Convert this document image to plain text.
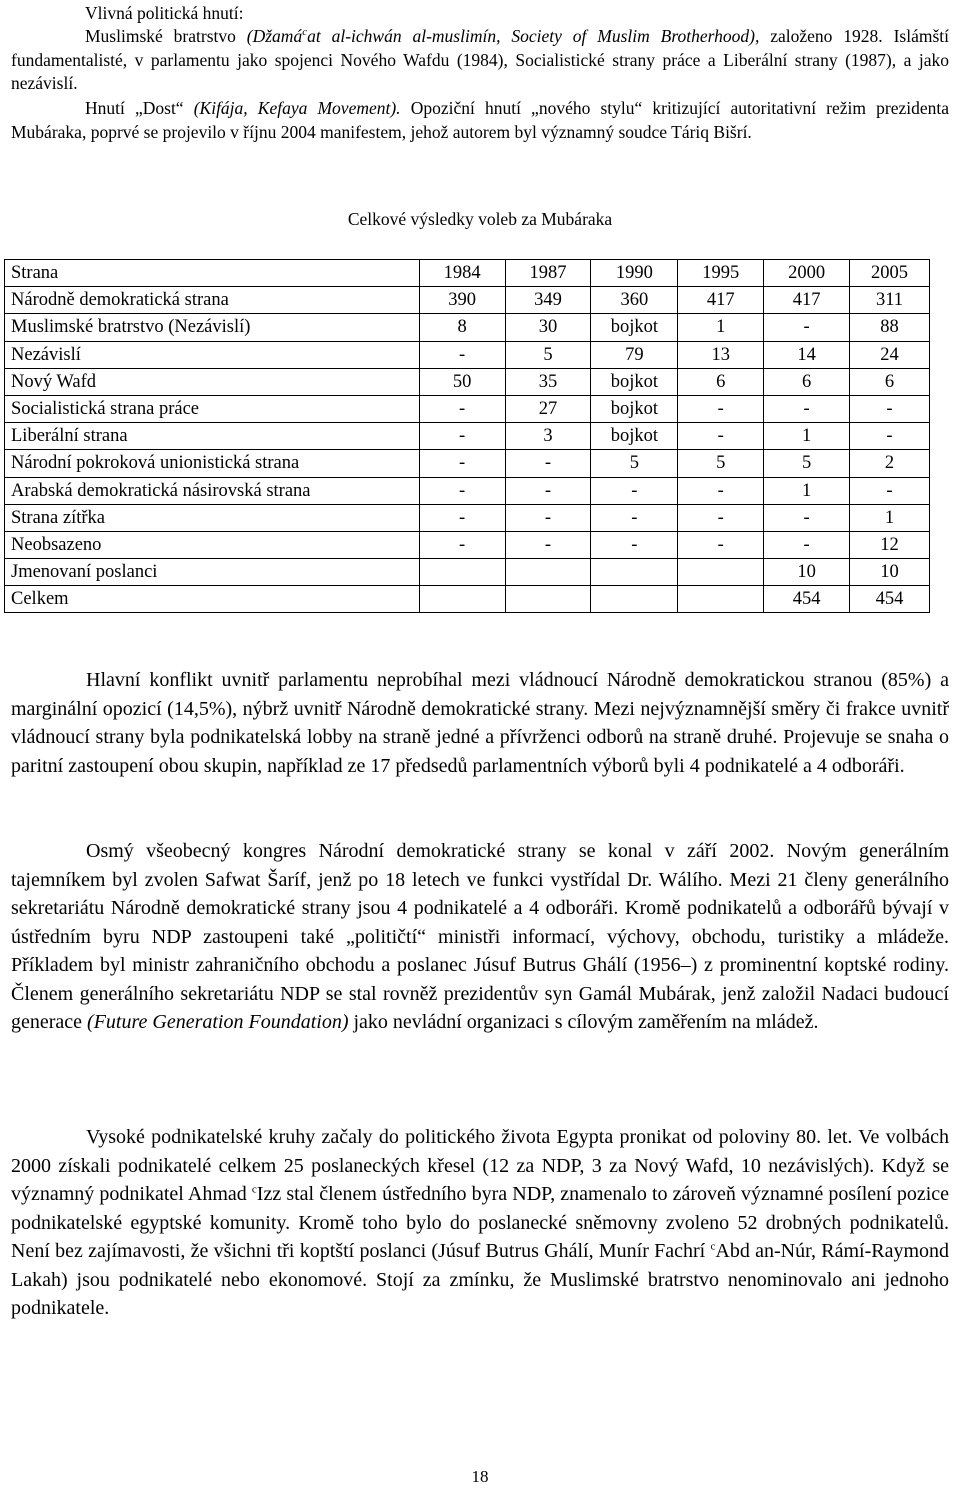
Vlivná politická hnutí:

Muslimské bratrstvo (Džamá$^c$at al-ichwán al-muslimín, Society of Muslim Brotherhood), založeno 1928. Islámští fundamentalisté, v parlamentu jako spojenci Nového Wafdu (1984), Socialistické strany práce a Liberální strany (1987), a jako nezávislí.

Hnutí „Dost“ (Kifája, Kefaya Movement). Opoziční hnutí „nového stylu“ kritizující autoritativní režim prezidenta Mubáraka, poprvé se projevilo v říjnu 2004 manifestem, jehož autorem byl významný soudce Táriq Bišrí.

Celkové výsledky voleb za Mubáraka

Strana	1984	1987	1990	1995	2000	2005
Národně demokratická strana	390	349	360	417	417	311
Muslimské bratrstvo (Nezávislí)	8	30	bojkot	1	-	88
Nezávislí	-	5	79	13	14	24
Nový Wafd	50	35	bojkot	6	6	6
Socialistická strana práce	-	27	bojkot	-	-	-
Liberální strana	-	3	bojkot	-	1	-
Národní pokroková unionistická strana	-	-	5	5	5	2
Arabská demokratická násirovská strana	-	-	-	-	1	-
Strana zítřka	-	-	-	-	-	1
Neobsazeno	-	-	-	-	-	12
Jmenovaní poslanci					10	10
Celkem					454	454

Hlavní konflikt uvnitř parlamentu neprobíhal mezi vládnoucí Národně demokratickou stranou (85%) a marginální opozicí (14,5%), nýbrž uvnitř Národně demokratické strany. Mezi nejvýznamnější směry či frakce uvnitř vládnoucí strany byla podnikatelská lobby na straně jedné a přívrženci odborů na straně druhé. Projevuje se snaha o paritní zastoupení obou skupin, například ze 17 předsedů parlamentních výborů byli 4 podnikatelé a 4 odboráři.

Osmý všeobecný kongres Národní demokratické strany se konal v září 2002. Novým generálním tajemníkem byl zvolen Safwat Šaríf, jenž po 18 letech ve funkci vystřídal Dr. Wálího. Mezi 21 členy generálního sekretariátu Národně demokratické strany jsou 4 podnikatelé a 4 odboráři. Kromě podnikatelů a odborářů bývají v ústředním byru NDP zastoupeni také „političtí“ ministři informací, výchovy, obchodu, turistiky a mládeže. Příkladem byl ministr zahraničního obchodu a poslanec Júsuf Butrus Ghálí (1956–) z prominentní koptské rodiny. Členem generálního sekretariátu NDP se stal rovněž prezidentův syn Gamál Mubárak, jenž založil Nadaci budoucí generace (Future Generation Foundation) jako nevládní organizaci s cílovým zaměřením na mládež.

Vysoké podnikatelské kruhy začaly do politického života Egypta pronikat od poloviny 80. let. Ve volbách 2000 získali podnikatelé celkem 25 poslaneckých křesel (12 za NDP, 3 za Nový Wafd, 10 nezávislých). Když se významný podnikatel Ahmad $^c$Izz stal členem ústředního byra NDP, znamenalo to zároveň významné posílení pozice podnikatelské egyptské komunity. Kromě toho bylo do poslanecké sněmovny zvoleno 52 drobných podnikatelů. Není bez zajímavosti, že všichni tři koptští poslanci (Júsuf Butrus Ghálí, Munír Fachrí $^c$Abd an-Núr, Rámí-Raymond Lakah) jsou podnikatelé nebo ekonomové. Stojí za zmínku, že Muslimské bratrstvo nenominovalo ani jednoho podnikatele.

18
